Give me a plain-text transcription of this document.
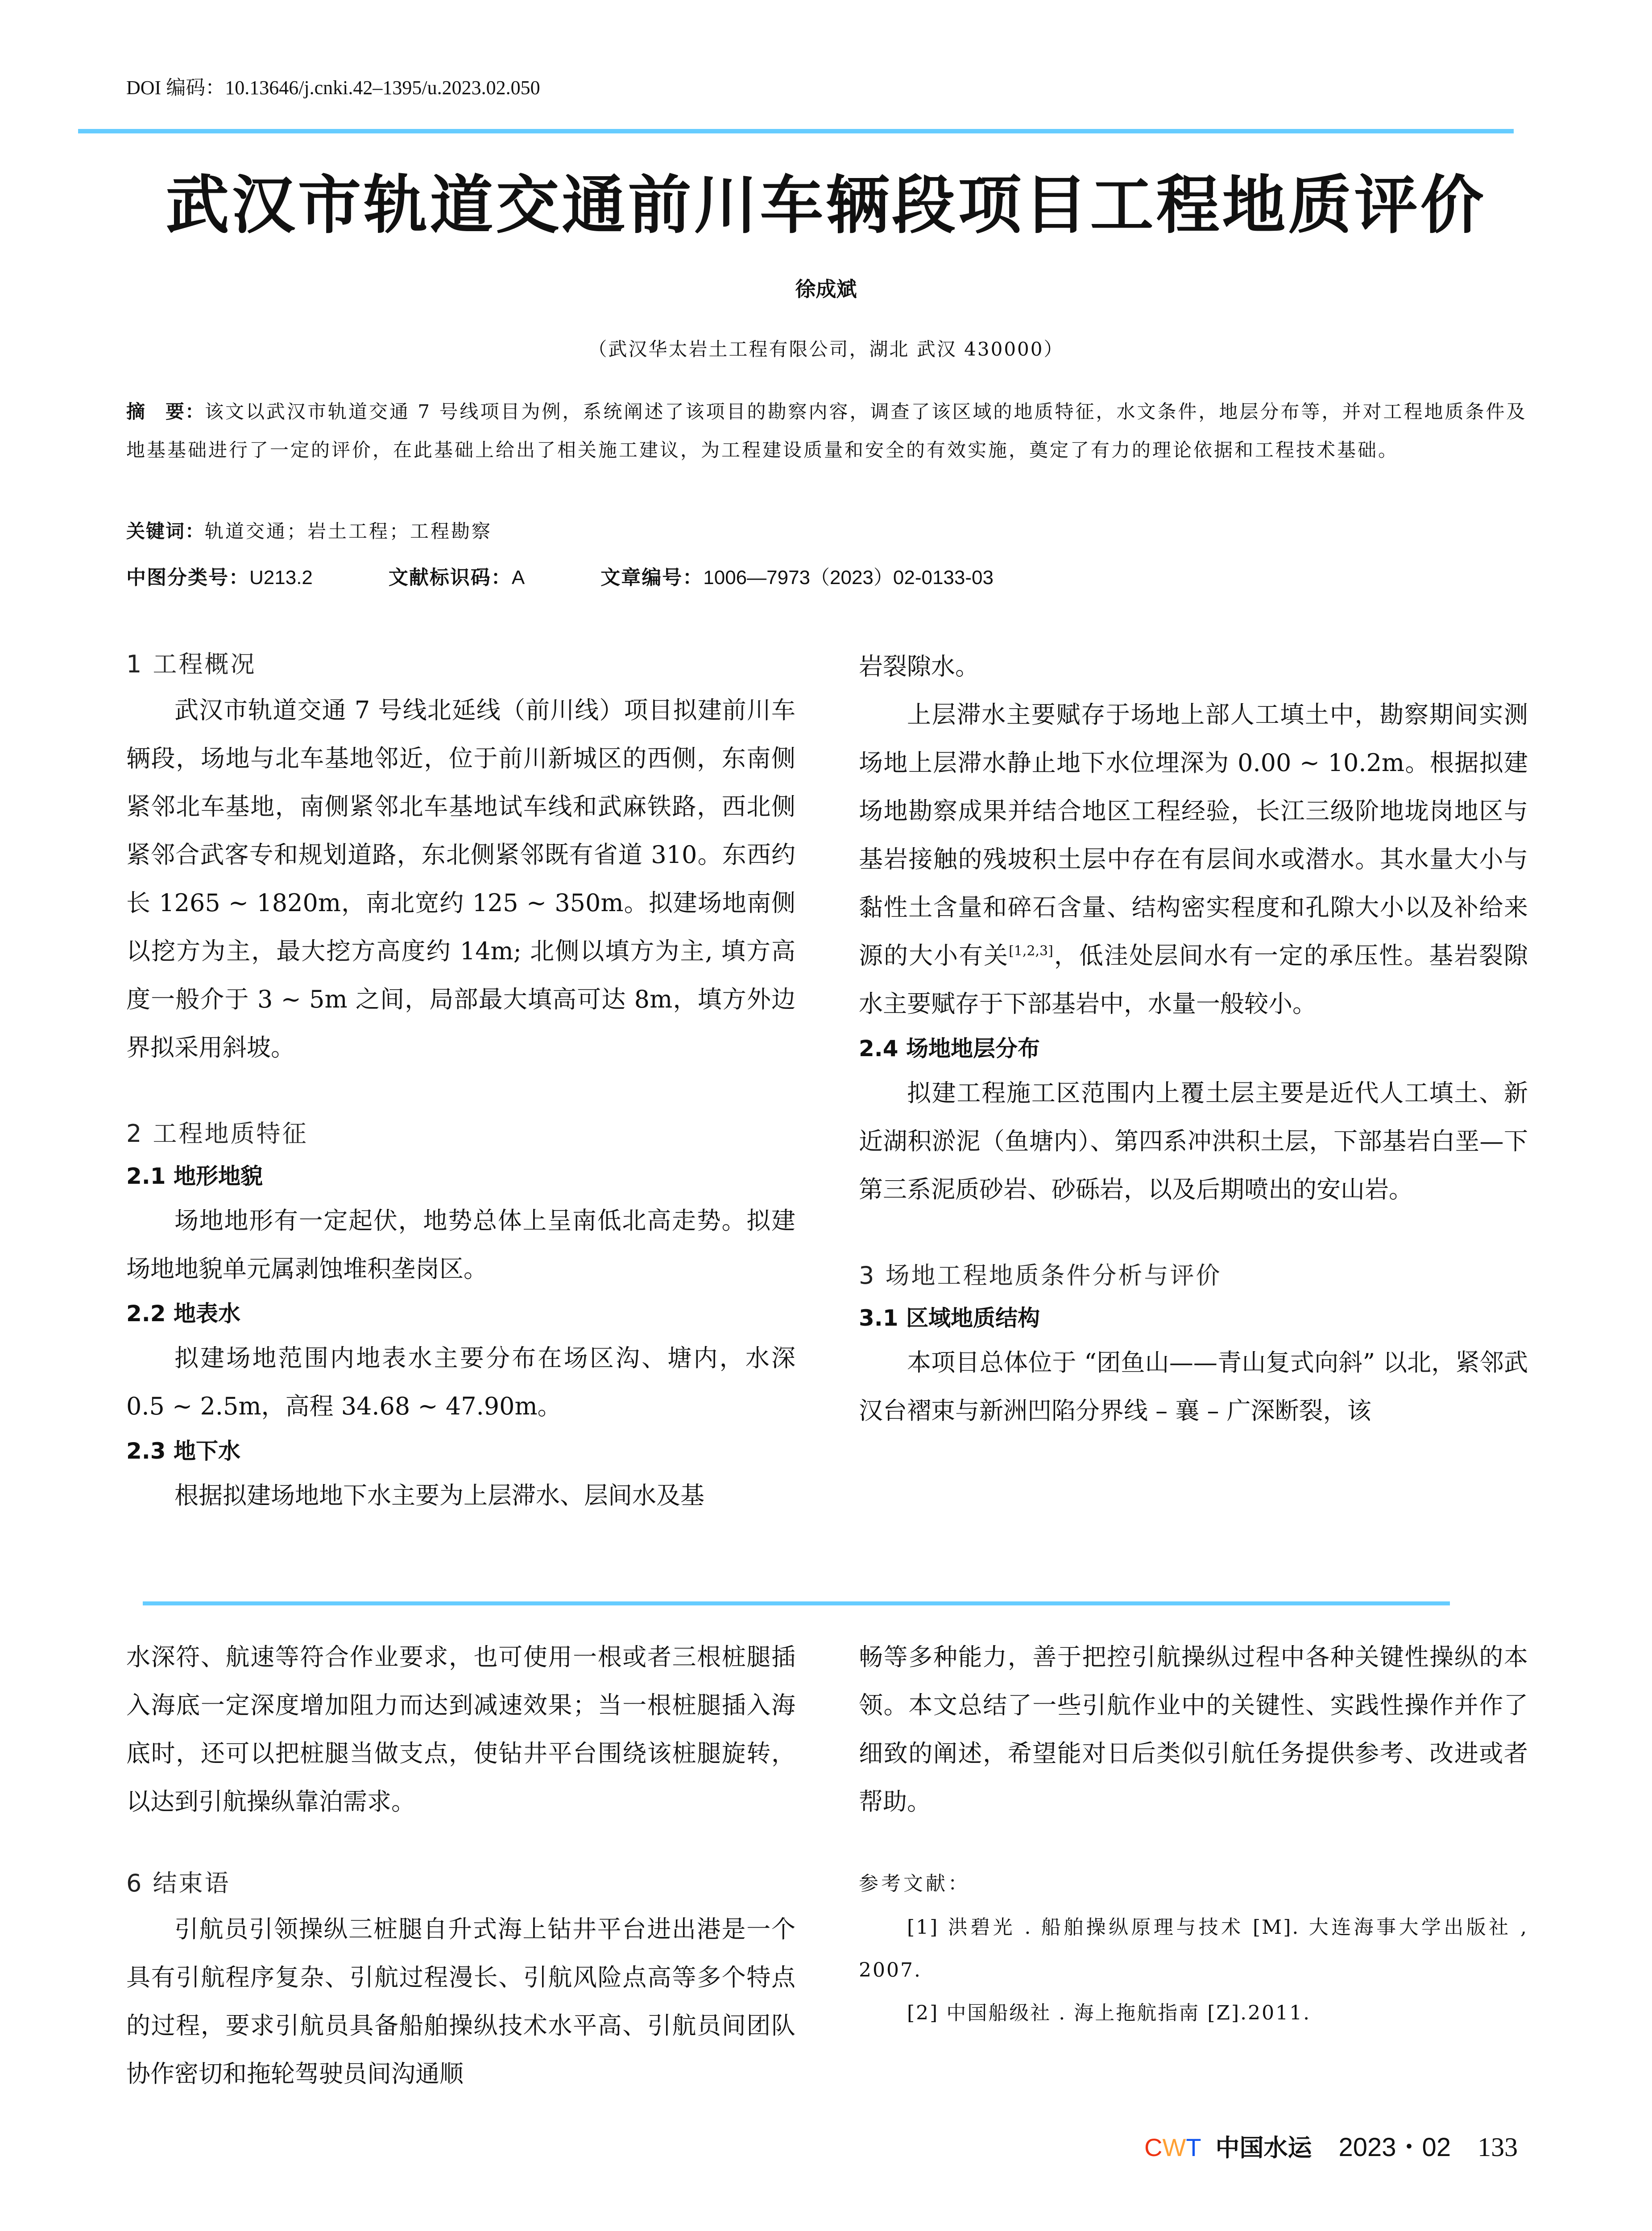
DOI 编码：10.13646/j.cnki.42–1395/u.2023.02.050
武汉市轨道交通前川车辆段项目工程地质评价
徐成斌
（武汉华太岩土工程有限公司，湖北 武汉 430000）
摘　要：该文以武汉市轨道交通 7 号线项目为例，系统阐述了该项目的勘察内容，调查了该区域的地质特征，水文条件，地层分布等，并对工程地质条件及地基基础进行了一定的评价，在此基础上给出了相关施工建议，为工程建设质量和安全的有效实施，奠定了有力的理论依据和工程技术基础。
关键词：轨道交通；岩土工程；工程勘察
中图分类号：U213.2	文献标识码：A	文章编号：1006—7973（2023）02-0133-03
1 工程概况

武汉市轨道交通 7 号线北延线（前川线）项目拟建前川车辆段，场地与北车基地邻近，位于前川新城区的西侧，东南侧紧邻北车基地，南侧紧邻北车基地试车线和武麻铁路，西北侧紧邻合武客专和规划道路，东北侧紧邻既有省道 310。东西约长 1265 ~ 1820m，南北宽约 125 ~ 350m。拟建场地南侧以挖方为主，最大挖方高度约 14m; 北侧以填方为主, 填方高度一般介于 3 ~ 5m 之间，局部最大填高可达 8m，填方外边界拟采用斜坡。

2 工程地质特征
2.1 地形地貌

场地地形有一定起伏，地势总体上呈南低北高走势。拟建场地地貌单元属剥蚀堆积垄岗区。

2.2 地表水

拟建场地范围内地表水主要分布在场区沟、塘内，水深 0.5 ~ 2.5m，高程 34.68 ~ 47.90m。

2.3 地下水

根据拟建场地地下水主要为上层滞水、层间水及基

岩裂隙水。

上层滞水主要赋存于场地上部人工填土中，勘察期间实测场地上层滞水静止地下水位埋深为 0.00 ~ 10.2m。根据拟建场地勘察成果并结合地区工程经验，长江三级阶地垅岗地区与基岩接触的残坡积土层中存在有层间水或潜水。其水量大小与黏性土含量和碎石含量、结构密实程度和孔隙大小以及补给来源的大小有关[1,2,3]，低洼处层间水有一定的承压性。基岩裂隙水主要赋存于下部基岩中，水量一般较小。

2.4 场地地层分布

拟建工程施工区范围内上覆土层主要是近代人工填土、新近湖积淤泥（鱼塘内）、第四系冲洪积土层，下部基岩白垩—下第三系泥质砂岩、砂砾岩，以及后期喷出的安山岩。

3 场地工程地质条件分析与评价
3.1 区域地质结构

本项目总体位于 “团鱼山——青山复式向斜” 以北，紧邻武汉台褶束与新洲凹陷分界线 – 襄 – 广深断裂，该

水深符、航速等符合作业要求，也可使用一根或者三根桩腿插入海底一定深度增加阻力而达到减速效果；当一根桩腿插入海底时，还可以把桩腿当做支点，使钻井平台围绕该桩腿旋转，以达到引航操纵靠泊需求。

6 结束语

引航员引领操纵三桩腿自升式海上钻井平台进出港是一个具有引航程序复杂、引航过程漫长、引航风险点高等多个特点的过程，要求引航员具备船舶操纵技术水平高、引航员间团队协作密切和拖轮驾驶员间沟通顺

畅等多种能力，善于把控引航操纵过程中各种关键性操纵的本领。本文总结了一些引航作业中的关键性、实践性操作并作了细致的阐述，希望能对日后类似引航任务提供参考、改进或者帮助。

参考文献：

[1] 洪碧光 . 船舶操纵原理与技术 [M]. 大连海事大学出版社 , 2007.

[2] 中国船级社 . 海上拖航指南 [Z].2011.

CWT 中国水运 2023・02 133
